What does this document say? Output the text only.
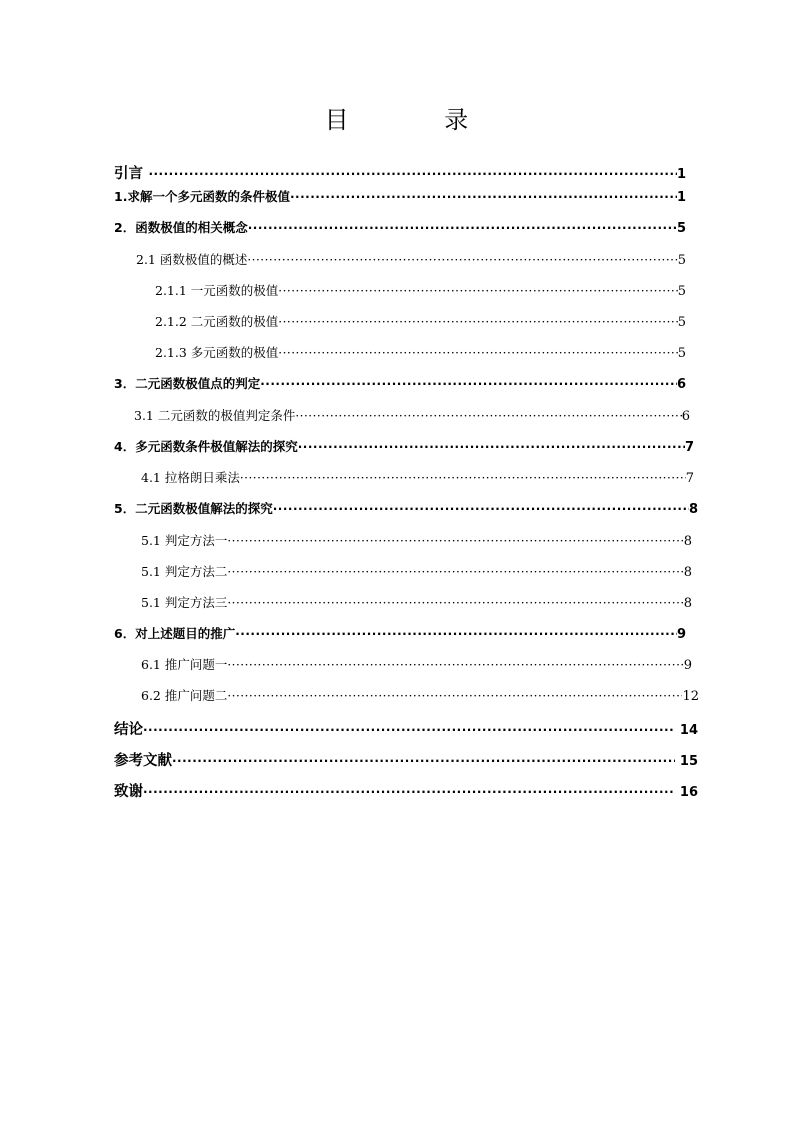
目 录
引言 ·····	1
1.求解一个多元函数的条件极值 ·····	1
2．函数极值的相关概念 ·····	5
2.1 函数极值的概述 ·····	5
2.1.1 一元函数的极值 ·····	5
2.1.2 二元函数的极值 ·····	5
2.1.3 多元函数的极值 ·····	5
3．二元函数极值点的判定 ·····	6
3.1 二元函数的极值判定条件 ·····	6
4．多元函数条件极值解法的探究 ·····	7
4.1 拉格朗日乘法 ·····	7
5．二元函数极值解法的探究 ·····	8
5.1 判定方法一 ·····	8
5.1 判定方法二 ·····	8
5.1 判定方法三 ·····	8
6．对上述题目的推广 ·····	9
6.1 推广问题一 ·····	9
6.2 推广问题二 ·····	12
结论 ·····	14
参考文献 ·····	15
致谢 ·····	16
